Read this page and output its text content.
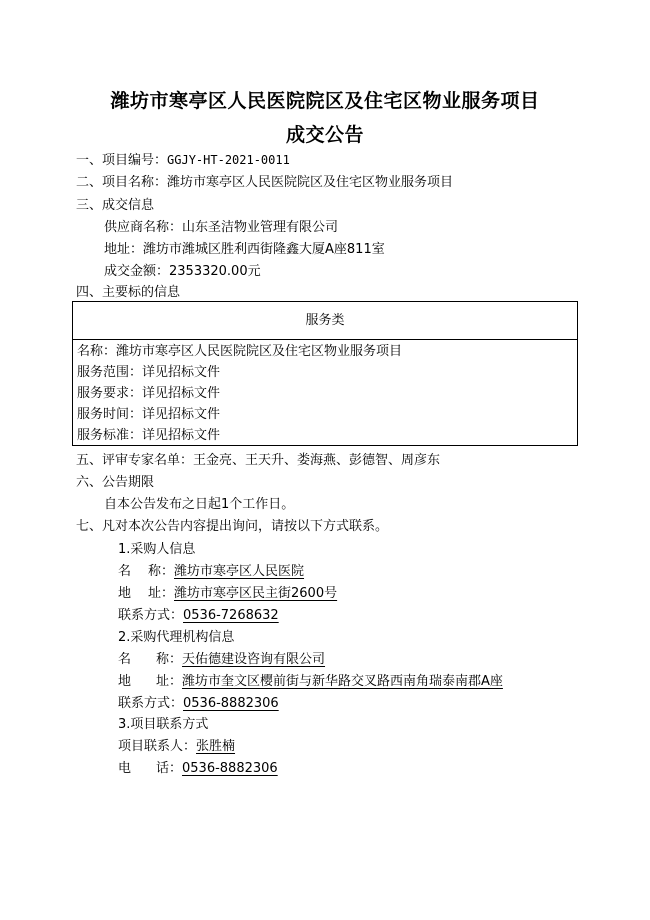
潍坊市寒亭区人民医院院区及住宅区物业服务项目
成交公告
一、项目编号：GGJY-HT-2021-0011
二、项目名称：潍坊市寒亭区人民医院院区及住宅区物业服务项目
三、成交信息
供应商名称：山东圣洁物业管理有限公司
地址：潍坊市潍城区胜利西街隆鑫大厦A座811室
成交金额：2353320.00元
四、主要标的信息
服务类
名称：潍坊市寒亭区人民医院院区及住宅区物业服务项目
服务范围：详见招标文件
服务要求：详见招标文件
服务时间：详见招标文件
服务标准：详见招标文件
五、评审专家名单：王金亮、王天升、娄海燕、彭德智、周彦东
六、公告期限
自本公告发布之日起1个工作日。
七、凡对本次公告内容提出询问，请按以下方式联系。
1.采购人信息
名 称：潍坊市寒亭区人民医院
地 址：潍坊市寒亭区民主街2600号
联系方式：0536-7268632
2.采购代理机构信息
名 称：天佑德建设咨询有限公司
地 址：潍坊市奎文区樱前街与新华路交叉路西南角瑞泰南郡A座
联系方式：0536-8882306
3.项目联系方式
项目联系人：张胜楠
电 话：0536-8882306
